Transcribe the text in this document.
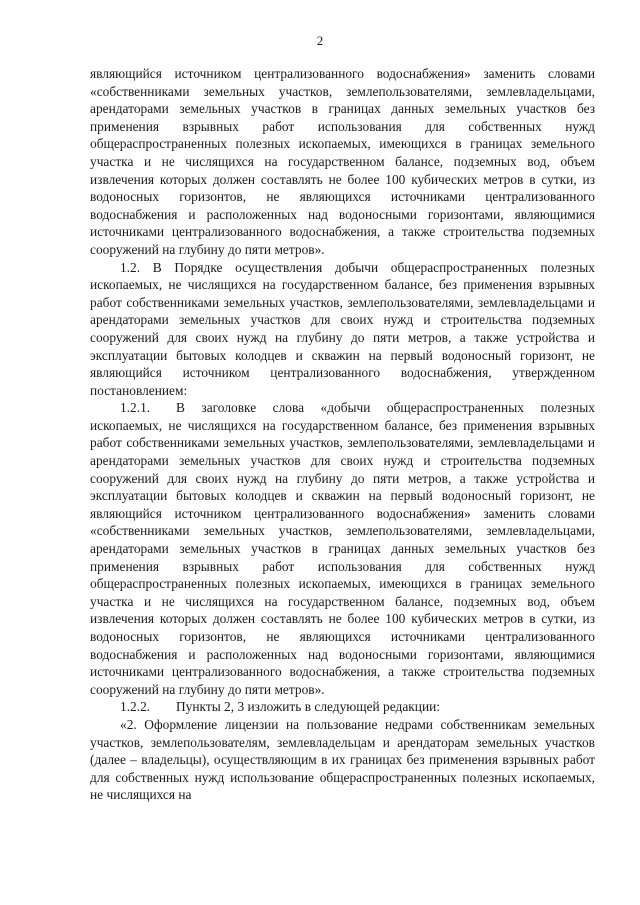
2

являющийся источником централизованного водоснабжения» заменить словами «собственниками земельных участков, землепользователями, землевладельцами, арендаторами земельных участков в границах данных земельных участков без применения взрывных работ использования для собственных нужд общераспространенных полезных ископаемых, имеющихся в границах земельного участка и не числящихся на государственном балансе, подземных вод, объем извлечения которых должен составлять не более 100 кубических метров в сутки, из водоносных горизонтов, не являющихся источниками централизованного водоснабжения и расположенных над водоносными горизонтами, являющимися источниками централизованного водоснабжения, а также строительства подземных сооружений на глубину до пяти метров».

1.2. В Порядке осуществления добычи общераспространенных полезных ископаемых, не числящихся на государственном балансе, без применения взрывных работ собственниками земельных участков, землепользователями, землевладельцами и арендаторами земельных участков для своих нужд и строительства подземных сооружений для своих нужд на глубину до пяти метров, а также устройства и эксплуатации бытовых колодцев и скважин на первый водоносный горизонт, не являющийся источником централизованного водоснабжения, утвержденном постановлением:

1.2.1. В заголовке слова «добычи общераспространенных полезных ископаемых, не числящихся на государственном балансе, без применения взрывных работ собственниками земельных участков, землепользователями, землевладельцами и арендаторами земельных участков для своих нужд и строительства подземных сооружений для своих нужд на глубину до пяти метров, а также устройства и эксплуатации бытовых колодцев и скважин на первый водоносный горизонт, не являющийся источником централизованного водоснабжения» заменить словами «собственниками земельных участков, землепользователями, землевладельцами, арендаторами земельных участков в границах данных земельных участков без применения взрывных работ использования для собственных нужд общераспространенных полезных ископаемых, имеющихся в границах земельного участка и не числящихся на государственном балансе, подземных вод, объем извлечения которых должен составлять не более 100 кубических метров в сутки, из водоносных горизонтов, не являющихся источниками централизованного водоснабжения и расположенных над водоносными горизонтами, являющимися источниками централизованного водоснабжения, а также строительства подземных сооружений на глубину до пяти метров».

1.2.2. Пункты 2, 3 изложить в следующей редакции:

«2. Оформление лицензии на пользование недрами собственникам земельных участков, землепользователям, землевладельцам и арендаторам земельных участков (далее – владельцы), осуществляющим в их границах без применения взрывных работ для собственных нужд использование общераспространенных полезных ископаемых, не числящихся на
